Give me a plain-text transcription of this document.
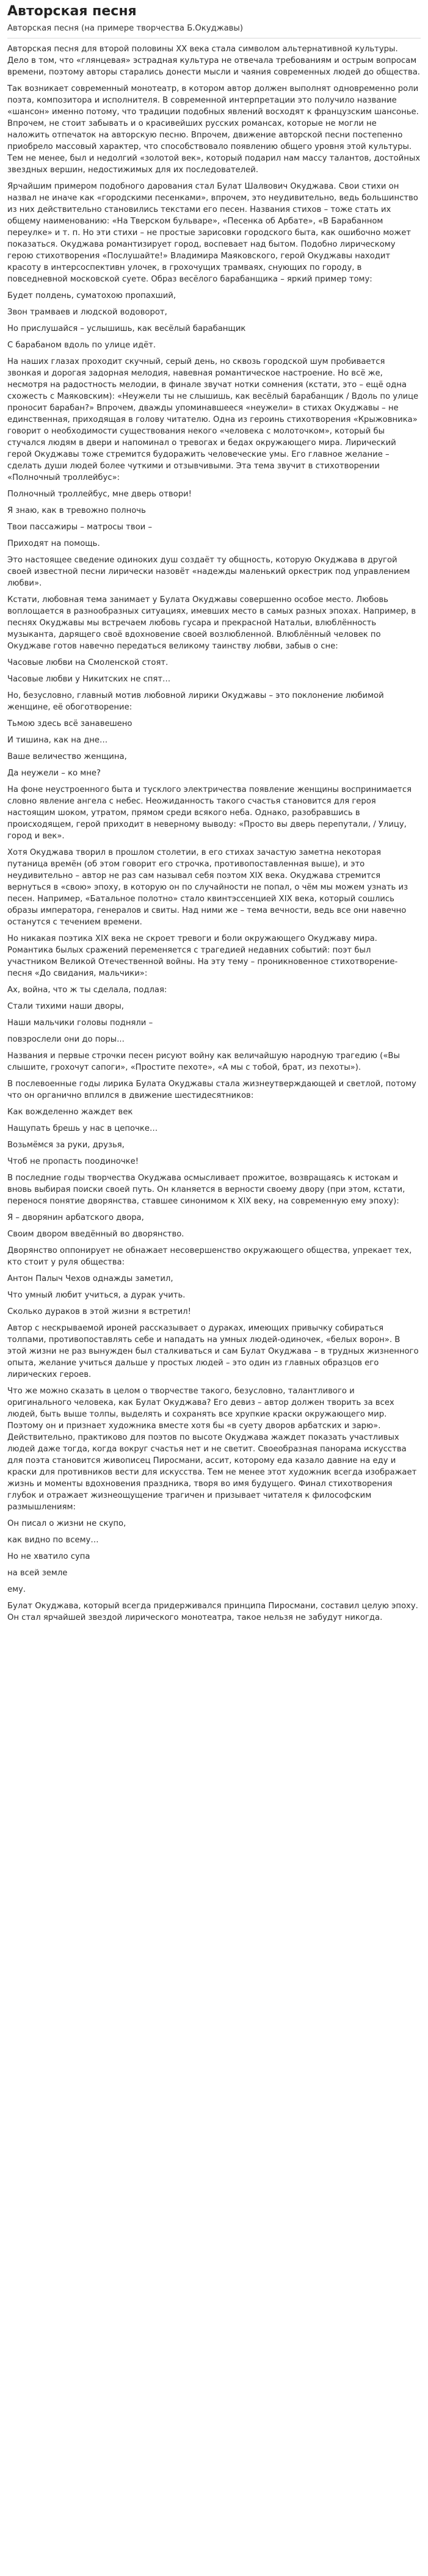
Авторская песня

Авторская песня (на примере творчества Б.Окуджавы)

Авторская песня для второй половины ХХ века стала символом альтернативной культуры. Дело в том, что «глянцевая» эстрадная культура не отвечала требованиям и острым вопросам времени, поэтому авторы старались донести мысли и чаяния современных людей до общества.

Так возникает современный монотеатр, в котором автор должен выполнят одновременно роли поэта, композитора и исполнителя. В современной интерпретации это получило название «шансон» именно потому, что традиции подобных явлений восходят к французским шансонье. Впрочем, не стоит забывать и о красивейших русских романсах, которые не могли не наложить отпечаток на авторскую песню. Впрочем, движение авторской песни постепенно приобрело массовый характер, что способствовало появлению общего уровня этой культуры. Тем не менее, был и недолгий «золотой век», который подарил нам массу талантов, достойных звездных вершин, недостижимых для их последователей.

Ярчайшим примером подобного дарования стал Булат Шалвович Окуджава. Свои стихи он назвал не иначе как «городскими песенками», впрочем, это неудивительно, ведь большинство из них действительно становились текстами его песен. Названия стихов – тоже стать их общему наименованию: «На Тверском бульваре», «Песенка об Арбате», «В Барабанном переулке» и т. п. Но эти стихи – не простые зарисовки городского быта, как ошибочно может показаться. Окуджава романтизирует город, воспевает над бытом. Подобно лирическому герою стихотворения «Послушайте!» Владимира Маяковского, герой Окуджавы находит красоту в интерсоспективн улочек, в грохочущих трамваях, снующих по городу, в повседневной московской суете. Образ весёлого барабанщика – яркий пример тому:

Будет полдень, суматохою пропахший,

Звон трамваев и людской водоворот,

Но прислушайся – услышишь, как весёлый барабанщик

С барабаном вдоль по улице идёт.

На наших глазах проходит скучный, серый день, но сквозь городской шум пробивается звонкая и дорогая задорная мелодия, навевная романтическое настроение. Но всё же, несмотря на радостность мелодии, в финале звучат нотки сомнения (кстати, это – ещё одна схожесть с Маяковским): «Неужели ты не слышишь, как весёлый барабанщик / Вдоль по улице проносит барабан?» Впрочем, дважды упоминавшееся «неужели» в стихах Окуджавы – не единственная, приходящая в голову читателю. Одна из героинь стихотворения «Крыжовника» говорит о необходимости существования некого «человека с молоточком», который бы стучался людям в двери и напоминал о тревогах и бедах окружающего мира. Лирический герой Окуджавы тоже стремится будоражить человеческие умы. Его главное желание – сделать души людей более чуткими и отзывчивыми. Эта тема звучит в стихотворении «Полночный троллейбус»:

Полночный троллейбус, мне дверь отвори!

Я знаю, как в тревожно полночь

Твои пассажиры – матросы твои –

Приходят на помощь.

Это настоящее сведение одиноких душ создаёт ту общность, которую Окуджава в другой своей известной песни лирически назовёт «надежды маленький оркестрик под управлением любви».

Кстати, любовная тема занимает у Булата Окуджавы совершенно особое место. Любовь воплощается в разнообразных ситуациях, имевших место в самых разных эпохах. Например, в песнях Окуджавы мы встречаем любовь гусара и прекрасной Натальи, влюблённость музыканта, дарящего своё вдохновение своей возлюбленной. Влюблённый человек по Окуджаве готов навечно передаться великому таинству любви, забыв о сне:

Часовые любви на Смоленской стоят.

Часовые любви у Никитских не спят…

Но, безусловно, главный мотив любовной лирики Окуджавы – это поклонение любимой женщине, её обоготворение:

Тьмою здесь всё занавешено

И тишина, как на дне…

Ваше величество женщина,

Да неужели – ко мне?

На фоне неустроенного быта и тусклого электричества появление женщины воспринимается словно явление ангела с небес. Неожиданность такого счастья становится для героя настоящим шоком, утратом, прямом среди всякого неба. Однако, разобравшись в происходящем, герой приходит в неверному выводу: «Просто вы дверь перепутали, / Улицу, город и век».

Хотя Окуджава творил в прошлом столетии, в его стихах зачастую заметна некоторая путаница времён (об этом говорит его строчка, противопоставленная выше), и это неудивительно – автор не раз сам называл себя поэтом XIX века. Окуджава стремится вернуться в «свою» эпоху, в которую он по случайности не попал, о чём мы можем узнать из песен. Например, «Батальное полотно» стало квинтэссенцией XIX века, который сошлись образы императора, генералов и свиты. Над ними же – тема вечности, ведь все они навечно останутся с течением времени.

Но никакая поэтика XIX века не скроет тревоги и боли окружающего Окуджаву мира. Романтика былых сражений переменяется с трагедией недавних событий: поэт был участником Великой Отечественной войны. На эту тему – проникновенное стихотворение-песня «До свидания, мальчики»:

Ах, война, что ж ты сделала, подлая:

Стали тихими наши дворы,

Наши мальчики головы подняли –

повзрослели они до поры...

Названия и первые строчки песен рисуют войну как величайшую народную трагедию («Вы слышите, грохочут сапоги», «Простите пехоте», «А мы с тобой, брат, из пехоты»).

В послевоенные годы лирика Булата Окуджавы стала жизнеутверждающей и светлой, потому что он органично вплился в движение шестидесятников:

Как вожделенно жаждет век

Нащупать брешь у нас в цепочке…

Возьмёмся за руки, друзья,

Чтоб не пропасть поодиночке!

В последние годы творчества Окуджава осмысливает прожитое, возвращаясь к истокам и вновь выбирая поиски своей путь. Он кланяется в верности своему двору (при этом, кстати, перенося понятие дворянства, ставшее синонимом к XIX веку, на современную ему эпоху):

Я – дворянин арбатского двора,

Своим двором введённый во дворянство.

Дворянство оппонирует не обнажает несовершенство окружающего общества, упрекает тех, кто стоит у руля общества:

Антон Палыч Чехов однажды заметил,

Что умный любит учиться, а дурак учить.

Сколько дураков в этой жизни я встретил!

Автор с нескрываемой ироней рассказывает о дураках, имеющих привычку собираться толпами, противопоставлять себе и нападать на умных людей-одиночек, «белых ворон». В этой жизни не раз вынужден был сталкиваться и сам Булат Окуджава – в трудных жизненного опыта, желание учиться дальше у простых людей – это один из главных образцов его лирических героев.

Что же можно сказать в целом о творчестве такого, безусловно, талантливого и оригинального человека, как Булат Окуджава? Его девиз – автор должен творить за всех людей, быть выше толпы, выделять и сохранять все хрупкие краски окружающего мир. Поэтому он и признает художника вместе хотя бы «в суету дворов арбатских и зарю». Действительно, практиково для поэтов по высоте Окуджава жаждет показать участливых людей даже тогда, когда вокруг счастья нет и не светит. Своеобразная панорама искусства для поэта становится живописец Пиросмани, ассит, которому еда казало давние на еду и краски для противников вести для искусства. Тем не менее этот художник всегда изображает жизнь и моменты вдохновения праздника, творя во имя будущего. Финал стихотворения глубок и отражает жизнеощущение трагичен и призывает читателя к философским размышлениям:

Он писал о жизни не скупо,

как видно по всему…

Но не хватило супа

на всей земле

ему.

Булат Окуджава, который всегда придерживался принципа Пиросмани, составил целую эпоху. Он стал ярчайшей звездой лирического монотеатра, такое нельзя не забудут никогда.
